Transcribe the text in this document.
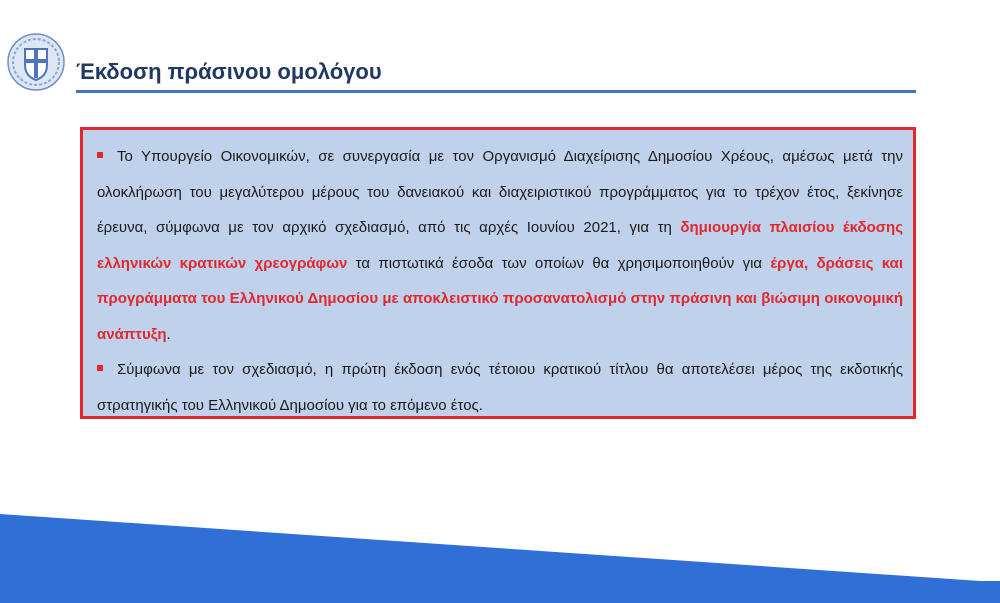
Έκδοση πράσινου ομολόγου

Το Υπουργείο Οικονομικών, σε συνεργασία με τον Οργανισμό Διαχείρισης Δημοσίου Χρέους, αμέσως μετά την ολοκλήρωση του μεγαλύτερου μέρους του δανειακού και διαχειριστικού προγράμματος για το τρέχον έτος, ξεκίνησε έρευνα, σύμφωνα με τον αρχικό σχεδιασμό, από τις αρχές Ιουνίου 2021, για τη δημιουργία πλαισίου έκδοσης ελληνικών κρατικών χρεογράφων τα πιστωτικά έσοδα των οποίων θα χρησιμοποιηθούν για έργα, δράσεις και προγράμματα του Ελληνικού Δημοσίου με αποκλειστικό προσανατολισμό στην πράσινη και βιώσιμη οικονομική ανάπτυξη.

Σύμφωνα με τον σχεδιασμό, η πρώτη έκδοση ενός τέτοιου κρατικού τίτλου θα αποτελέσει μέρος της εκδοτικής στρατηγικής του Ελληνικού Δημοσίου για το επόμενο έτος.
